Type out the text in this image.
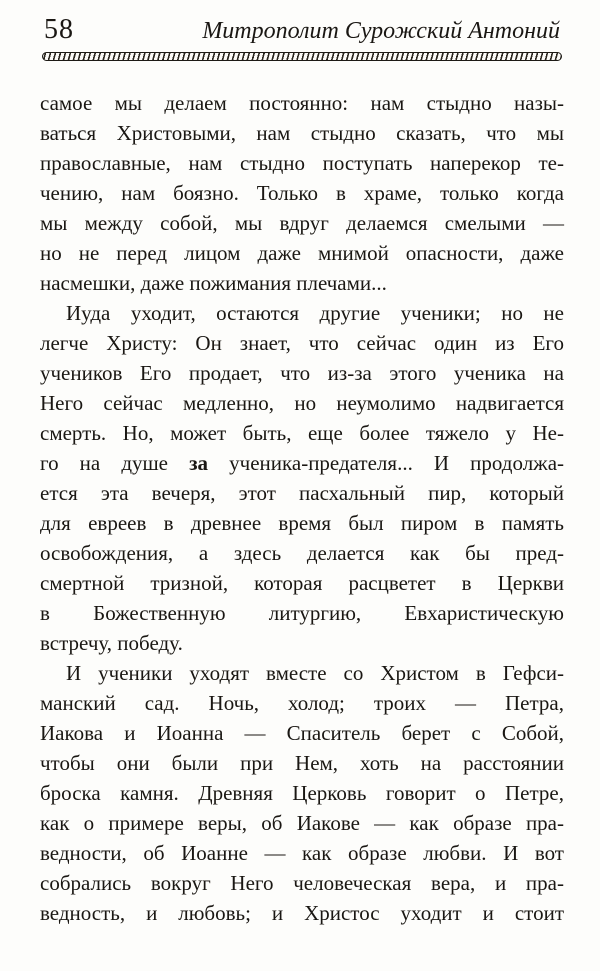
58	Митрополит Сурожский Антоний
самое мы делаем постоянно: нам стыдно назы-
ваться Христовыми, нам стыдно сказать, что мы
православные, нам стыдно поступать наперекор те-
чению, нам боязно. Только в храме, только когда
мы между собой, мы вдруг делаемся смелыми —
но не перед лицом даже мнимой опасности, даже
насмешки, даже пожимания плечами...
Иуда уходит, остаются другие ученики; но не
легче Христу: Он знает, что сейчас один из Его
учеников Его продает, что из-за этого ученика на
Него сейчас медленно, но неумолимо надвигается
смерть. Но, может быть, еще более тяжело у Не-
го на душе за ученика-предателя... И продолжа-
ется эта вечеря, этот пасхальный пир, который
для евреев в древнее время был пиром в память
освобождения, а здесь делается как бы пред-
смертной тризной, которая расцветет в Церкви
в Божественную литургию, Евхаристическую
встречу, победу.
И ученики уходят вместе со Христом в Гефси-
манский сад. Ночь, холод; троих — Петра,
Иакова и Иоанна — Спаситель берет с Собой,
чтобы они были при Нем, хоть на расстоянии
броска камня. Древняя Церковь говорит о Петре,
как о примере веры, об Иакове — как образе пра-
ведности, об Иоанне — как образе любви. И вот
собрались вокруг Него человеческая вера, и пра-
ведность, и любовь; и Христос уходит и стоит
